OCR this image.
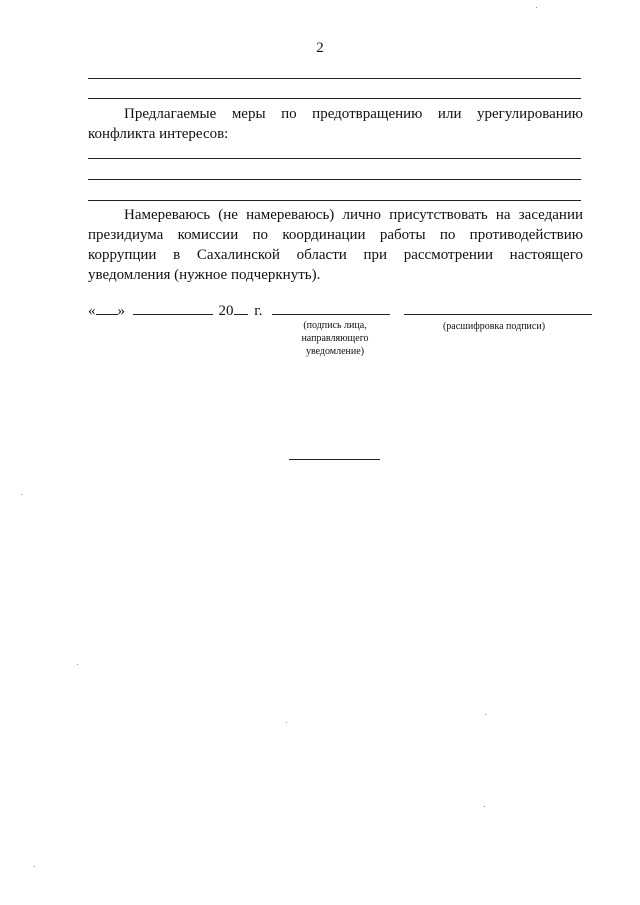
2

Предлагаемые меры по предотвращению или урегулированию конфликта интересов:

Намереваюсь (не намереваюсь) лично присутствовать на заседании президиума комиссии по координации работы по противодействию коррупции в Сахалинской области при рассмотрении настоящего уведомления (нужное подчеркнуть).

« »	20 г.
(подпись лица, направляющего уведомление)
(расшифровка подписи)
